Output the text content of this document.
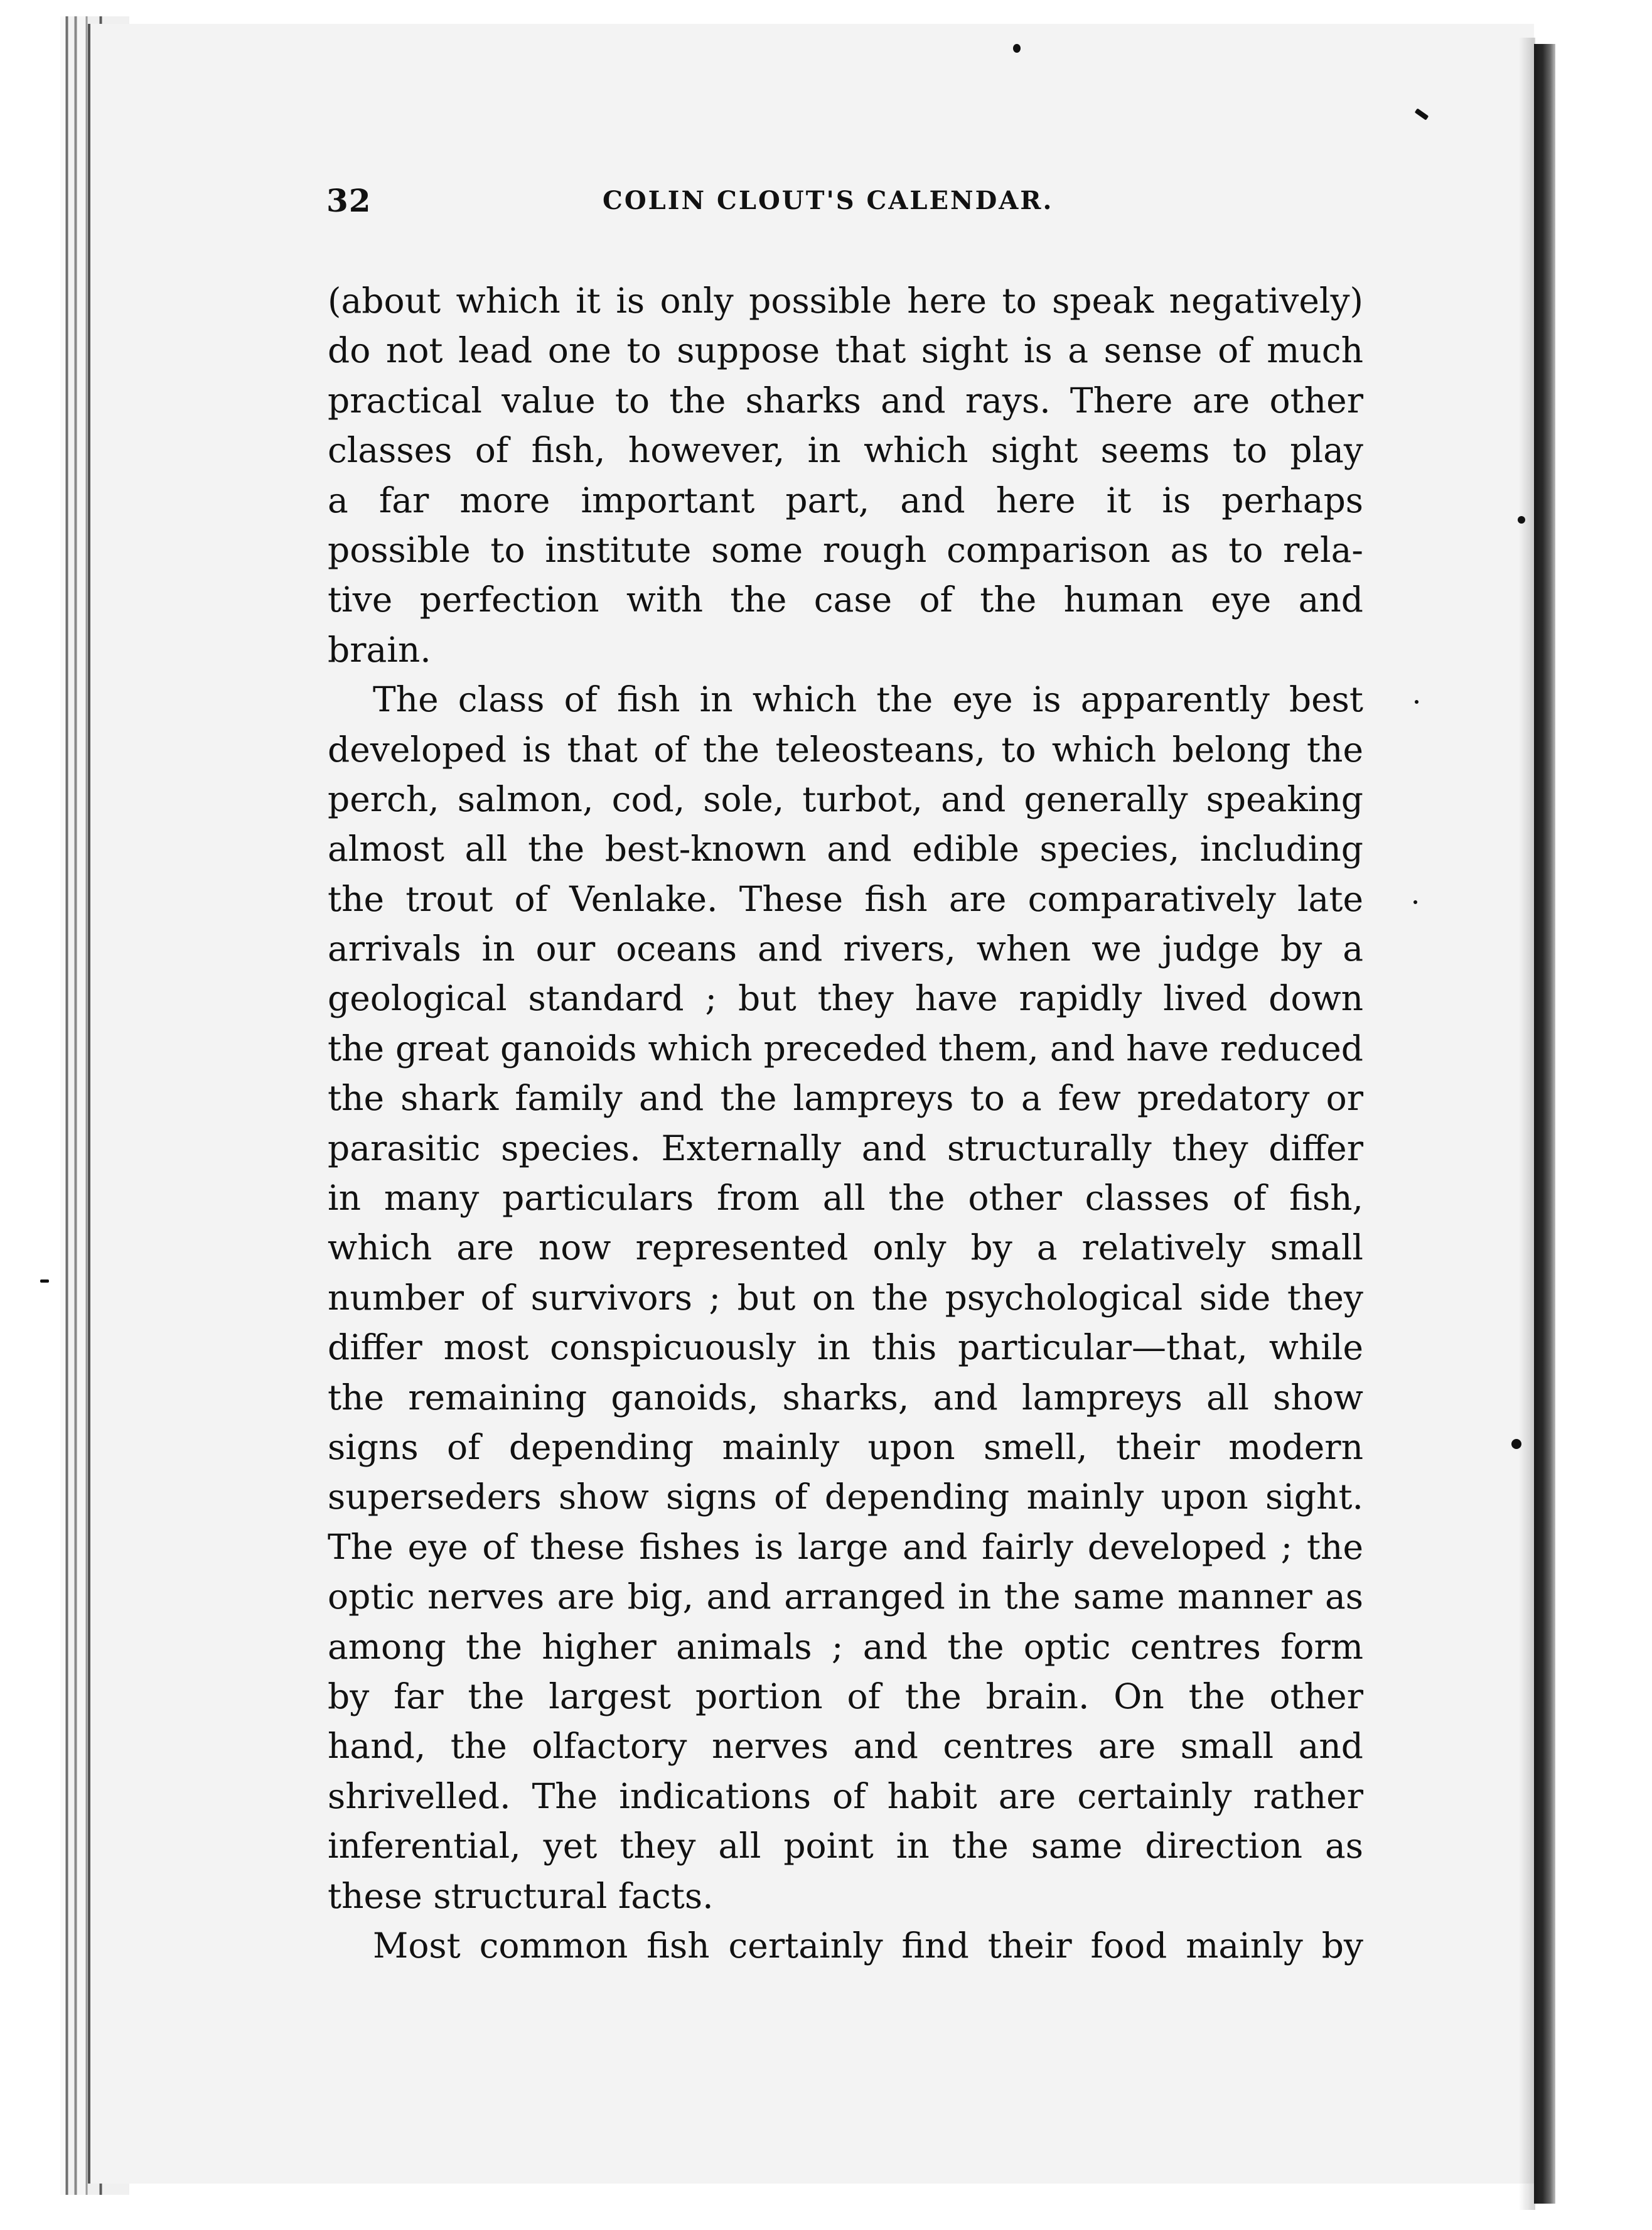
32	COLIN CLOUT'S CALENDAR.
(about which it is only possible here to speak negatively)
do not lead one to suppose that sight is a sense of much
practical value to the sharks and rays. There are other
classes of fish, however, in which sight seems to play
a far more important part, and here it is perhaps
possible to institute some rough comparison as to rela-
tive perfection with the case of the human eye and
brain.
The class of fish in which the eye is apparently best
developed is that of the teleosteans, to which belong the
perch, salmon, cod, sole, turbot, and generally speaking
almost all the best-known and edible species, including
the trout of Venlake. These fish are comparatively late
arrivals in our oceans and rivers, when we judge by a
geological standard ; but they have rapidly lived down
the great ganoids which preceded them, and have reduced
the shark family and the lampreys to a few predatory or
parasitic species. Externally and structurally they differ
in many particulars from all the other classes of fish,
which are now represented only by a relatively small
number of survivors ; but on the psychological side they
differ most conspicuously in this particular—that, while
the remaining ganoids, sharks, and lampreys all show
signs of depending mainly upon smell, their modern
superseders show signs of depending mainly upon sight.
The eye of these fishes is large and fairly developed ; the
optic nerves are big, and arranged in the same manner as
among the higher animals ; and the optic centres form
by far the largest portion of the brain. On the other
hand, the olfactory nerves and centres are small and
shrivelled. The indications of habit are certainly rather
inferential, yet they all point in the same direction as
these structural facts.
Most common fish certainly find their food mainly by
